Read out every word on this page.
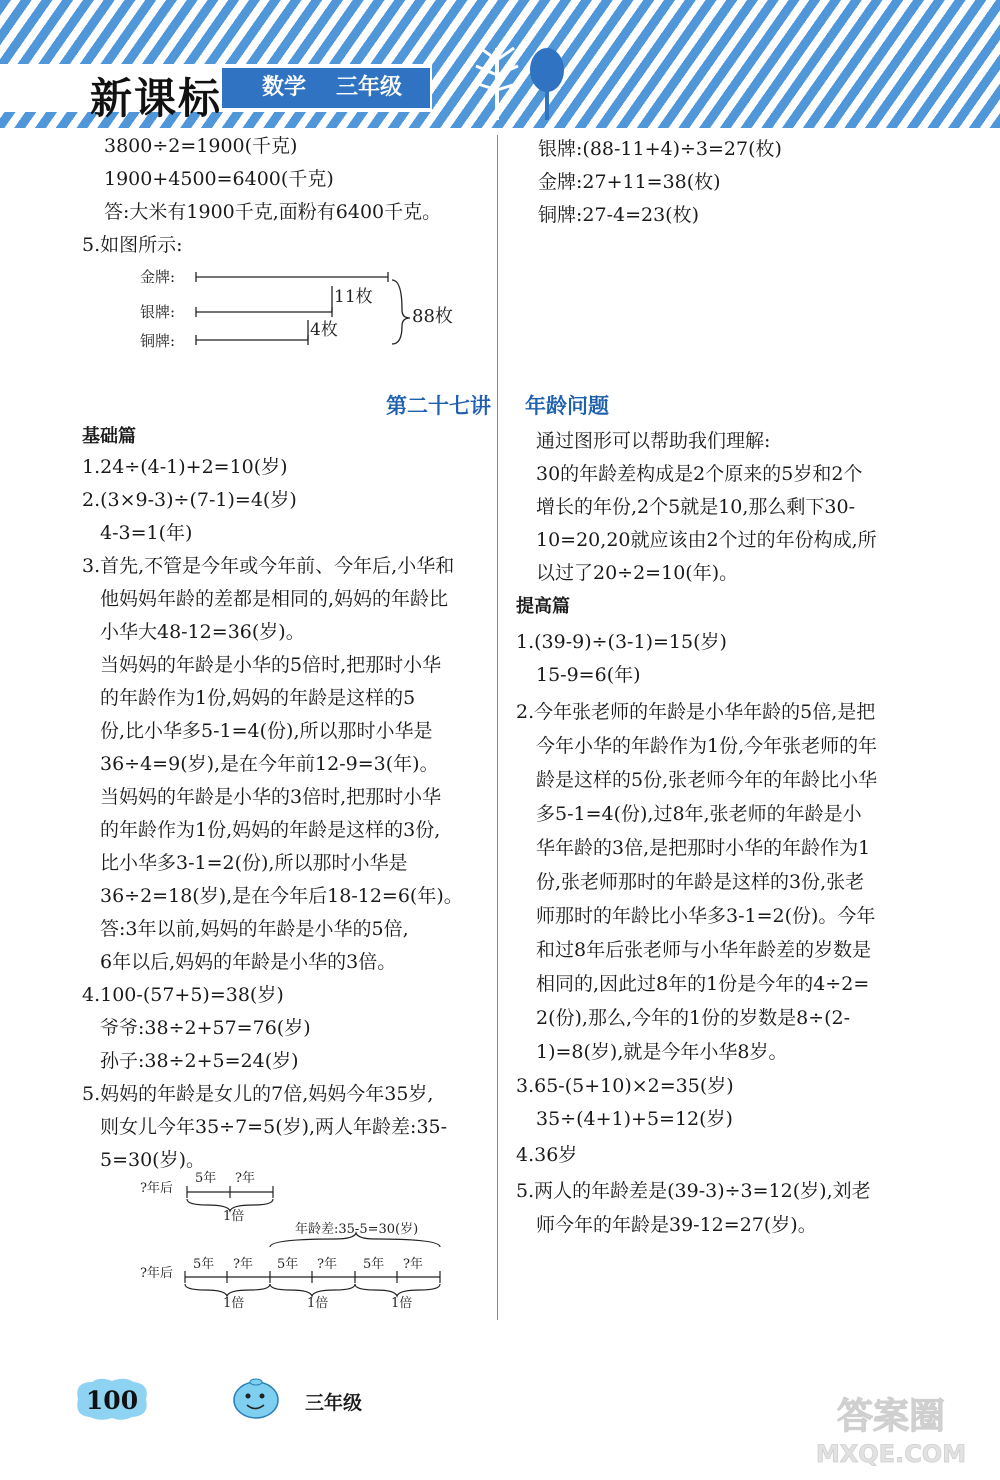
新课标 数学 三年级
3800÷2=1900(千克)
1900+4500=6400(千克)
答:大米有1900千克,面粉有6400千克。
5.如图所示:
金牌:
银牌:
铜牌:
11枚
4枚
88枚
银牌:(88-11+4)÷3=27(枚)
金牌:27+11=38(枚)
铜牌:27-4=23(枚)
第二十七讲 年龄问题
基础篇
1.24÷(4-1)+2=10(岁)
2.(3×9-3)÷(7-1)=4(岁)
4-3=1(年)
3.首先,不管是今年或今年前、今年后,小华和
他妈妈年龄的差都是相同的,妈妈的年龄比
小华大48-12=36(岁)。
当妈妈的年龄是小华的5倍时,把那时小华
的年龄作为1份,妈妈的年龄是这样的5
份,比小华多5-1=4(份),所以那时小华是
36÷4=9(岁),是在今年前12-9=3(年)。
当妈妈的年龄是小华的3倍时,把那时小华
的年龄作为1份,妈妈的年龄是这样的3份,
比小华多3-1=2(份),所以那时小华是
36÷2=18(岁),是在今年后18-12=6(年)。
答:3年以前,妈妈的年龄是小华的5倍,
6年以后,妈妈的年龄是小华的3倍。
4.100-(57+5)=38(岁)
爷爷:38÷2+57=76(岁)
孙子:38÷2+5=24(岁)
5.妈妈的年龄是女儿的7倍,妈妈今年35岁,
则女儿今年35÷7=5(岁),两人年龄差:35-
5=30(岁)。
?年后
5年 ?年
1倍
年龄差:35-5=30(岁)
?年后
5年 ?年 5年 ?年 5年 ?年
1倍	1倍	1倍
通过图形可以帮助我们理解:
30的年龄差构成是2个原来的5岁和2个
增长的年份,2个5就是10,那么剩下30-
10=20,20就应该由2个过的年份构成,所
以过了20÷2=10(年)。
提高篇
1.(39-9)÷(3-1)=15(岁)
15-9=6(年)
2.今年张老师的年龄是小华年龄的5倍,是把
今年小华的年龄作为1份,今年张老师的年
龄是这样的5份,张老师今年的年龄比小华
多5-1=4(份),过8年,张老师的年龄是小
华年龄的3倍,是把那时小华的年龄作为1
份,张老师那时的年龄是这样的3份,张老
师那时的年龄比小华多3-1=2(份)。今年
和过8年后张老师与小华年龄差的岁数是
相同的,因此过8年的1份是今年的4÷2=
2(份),那么,今年的1份的岁数是8÷(2-
1)=8(岁),就是今年小华8岁。
3.65-(5+10)×2=35(岁)
35÷(4+1)+5=12(岁)
4.36岁
5.两人的年龄差是(39-3)÷3=12(岁),刘老
师今年的年龄是39-12=27(岁)。
100	三年级	答案圈
MXQE.COM
